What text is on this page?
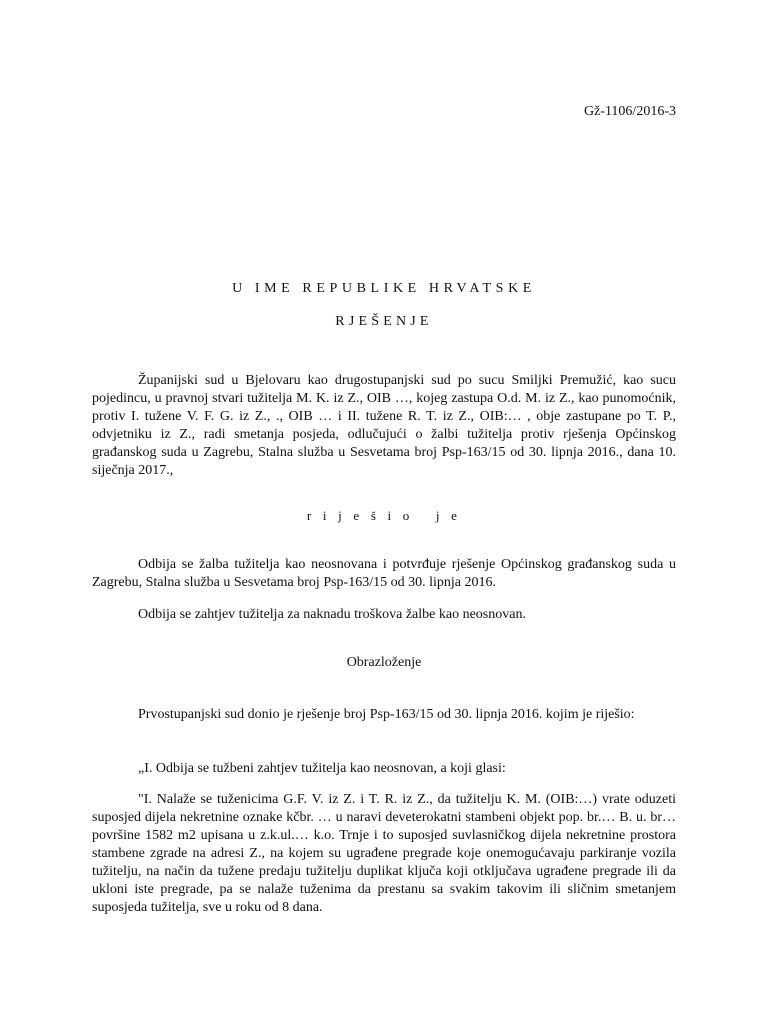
Gž-1106/2016-3
U IME REPUBLIKE HRVATSKE
RJEŠENJE

Županijski sud u Bjelovaru kao drugostupanjski sud po sucu Smiljki Premužić, kao sucu pojedincu, u pravnoj stvari tužitelja M. K. iz Z., OIB …, kojeg zastupa O.d. M. iz Z., kao punomoćnik, protiv I. tužene V. F. G. iz Z., ., OIB … i II. tužene R. T. iz Z., OIB:… , obje zastupane po T. P., odvjetniku iz Z., radi smetanja posjeda, odlučujući o žalbi tužitelja protiv rješenja Općinskog građanskog suda u Zagrebu, Stalna služba u Sesvetama broj Psp-163/15 od 30. lipnja 2016., dana 10. siječnja 2017.,

r i j e š i o   j e

Odbija se žalba tužitelja kao neosnovana i potvrđuje rješenje Općinskog građanskog suda u Zagrebu, Stalna služba u Sesvetama broj Psp-163/15 od 30. lipnja 2016.

Odbija se zahtjev tužitelja za naknadu troškova žalbe kao neosnovan.

Obrazloženje

Prvostupanjski sud donio je rješenje broj Psp-163/15 od 30. lipnja 2016. kojim je riješio:

„I. Odbija se tužbeni zahtjev tužitelja kao neosnovan, a koji glasi:

"I. Nalaže se tuženicima G.F. V. iz Z. i T. R. iz Z., da tužitelju K. M. (OIB:…) vrate oduzeti suposjed dijela nekretnine oznake kčbr. … u naravi deveterokatni stambeni objekt pop. br.… B. u. br…površine 1582 m2 upisana u z.k.ul.… k.o. Trnje i to suposjed suvlasničkog dijela nekretnine prostora stambene zgrade na adresi Z., na kojem su ugrađene pregrade koje onemogućavaju parkiranje vozila tužitelju, na način da tužene predaju tužitelju duplikat ključa koji otključava ugrađene pregrade ili da ukloni iste pregrade, pa se nalaže tuženima da prestanu sa svakim takovim ili sličnim smetanjem suposjeda tužitelja, sve u roku od 8 dana.
